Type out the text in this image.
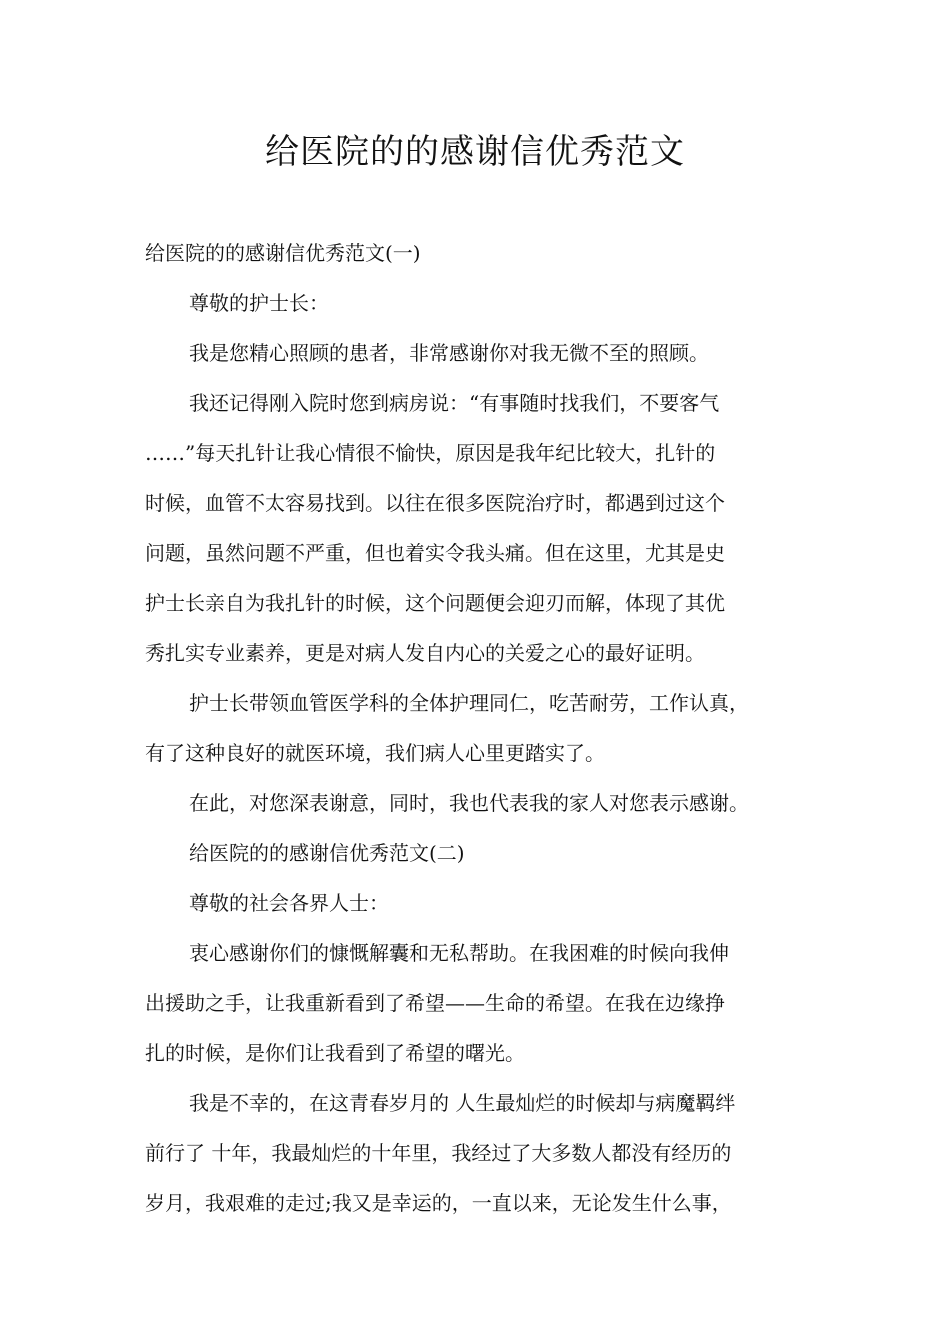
给医院的的感谢信优秀范文

给医院的的感谢信优秀范文(一)

尊敬的护士长：

我是您精心照顾的患者，非常感谢你对我无微不至的照顾。

我还记得刚入院时您到病房说：“有事随时找我们，不要客气

……”每天扎针让我心情很不愉快，原因是我年纪比较大，扎针的

时候，血管不太容易找到。以往在很多医院治疗时，都遇到过这个

问题，虽然问题不严重，但也着实令我头痛。但在这里，尤其是史

护士长亲自为我扎针的时候，这个问题便会迎刃而解，体现了其优

秀扎实专业素养，更是对病人发自内心的关爱之心的最好证明。

护士长带领血管医学科的全体护理同仁，吃苦耐劳，工作认真，

有了这种良好的就医环境，我们病人心里更踏实了。

在此，对您深表谢意，同时，我也代表我的家人对您表示感谢。

给医院的的感谢信优秀范文(二)

尊敬的社会各界人士：

衷心感谢你们的慷慨解囊和无私帮助。在我困难的时候向我伸

出援助之手，让我重新看到了希望——生命的希望。在我在边缘挣

扎的时候，是你们让我看到了希望的曙光。

我是不幸的，在这青春岁月的 人生最灿烂的时候却与病魔羁绊

前行了 十年，我最灿烂的十年里，我经过了大多数人都没有经历的

岁月，我艰难的走过;我又是幸运的，一直以来，无论发生什么事，
